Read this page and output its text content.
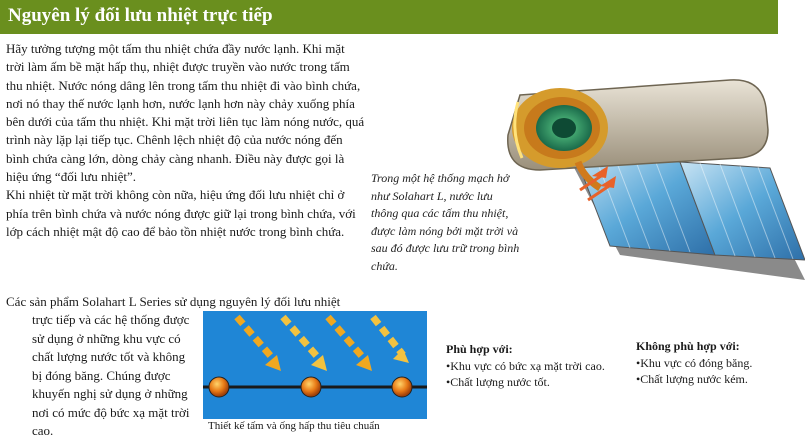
Nguyên lý đối lưu nhiệt trực tiếp

Hãy tưởng tượng một tấm thu nhiệt chứa đầy nước lạnh. Khi mặt trời làm ấm bề mặt hấp thụ, nhiệt được truyền vào nước trong tấm thu nhiệt. Nước nóng dâng lên trong tấm thu nhiệt đi vào bình chứa, nơi nó thay thế nước lạnh hơn, nước lạnh hơn này chảy xuống phía bên dưới của tấm thu nhiệt. Khi mặt trời liên tục làm nóng nước, quá trình này lặp lại tiếp tục. Chênh lệch nhiệt độ của nước nóng đến bình chứa càng lớn, dòng chảy càng nhanh. Điều này được gọi là hiệu ứng “đối lưu nhiệt”.

Khi nhiệt từ mặt trời không còn nữa, hiệu ứng đối lưu nhiệt chỉ ở phía trên bình chứa và nước nóng được giữ lại trong bình chứa, với lớp cách nhiệt mật độ cao để bảo tồn nhiệt nước trong bình chứa.

Trong một hệ thống mạch hở như Solahart L, nước lưu thông qua các tấm thu nhiệt, được làm nóng bởi mặt trời và sau đó được lưu trữ trong bình chứa.
Các sản phẩm Solahart L Series sử dụng nguyên lý đối lưu nhiệt
trực tiếp và các hệ thống được sử dụng ở những khu vực có chất lượng nước tốt và không bị đóng băng. Chúng được khuyến nghị sử dụng ở những nơi có mức độ bức xạ mặt trời cao.	Thiết kế tấm và ống hấp thu tiêu chuẩn
Phù hợp với:
•Khu vực có bức xạ mặt trời cao.
•Chất lượng nước tốt.
Không phù hợp với:
•Khu vực có đóng băng.
•Chất lượng nước kém.
